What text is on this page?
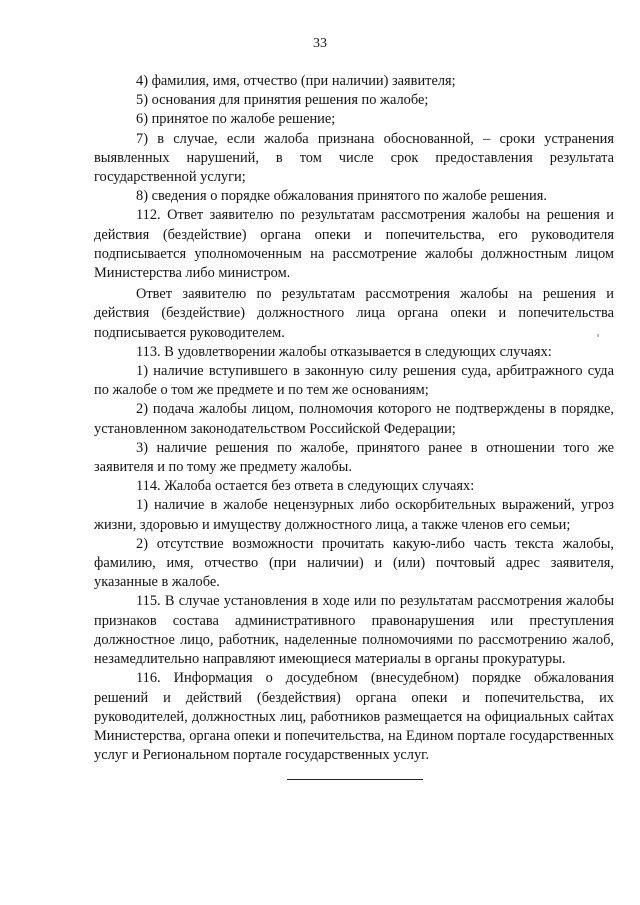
33

4) фамилия, имя, отчество (при наличии) заявителя;

5) основания для принятия решения по жалобе;

6) принятое по жалобе решение;

7) в случае, если жалоба признана обоснованной, – сроки устранения выявленных нарушений, в том числе срок предоставления результата государственной услуги;

8) сведения о порядке обжалования принятого по жалобе решения.

112. Ответ заявителю по результатам рассмотрения жалобы на решения и действия (бездействие) органа опеки и попечительства, его руководителя подписывается уполномоченным на рассмотрение жалобы должностным лицом Министерства либо министром.

Ответ заявителю по результатам рассмотрения жалобы на решения и действия (бездействие) должностного лица органа опеки и попечительства подписывается руководителем.

113. В удовлетворении жалобы отказывается в следующих случаях:

1) наличие вступившего в законную силу решения суда, арбитражного суда по жалобе о том же предмете и по тем же основаниям;

2) подача жалобы лицом, полномочия которого не подтверждены в порядке, установленном законодательством Российской Федерации;

3) наличие решения по жалобе, принятого ранее в отношении того же заявителя и по тому же предмету жалобы.

114. Жалоба остается без ответа в следующих случаях:

1) наличие в жалобе нецензурных либо оскорбительных выражений, угроз жизни, здоровью и имуществу должностного лица, а также членов его семьи;

2) отсутствие возможности прочитать какую-либо часть текста жалобы, фамилию, имя, отчество (при наличии) и (или) почтовый адрес заявителя, указанные в жалобе.

115. В случае установления в ходе или по результатам рассмотрения жалобы признаков состава административного правонарушения или преступления должностное лицо, работник, наделенные полномочиями по рассмотрению жалоб, незамедлительно направляют имеющиеся материалы в органы прокуратуры.

116. Информация о досудебном (внесудебном) порядке обжалования решений и действий (бездействия) органа опеки и попечительства, их руководителей, должностных лиц, работников размещается на официальных сайтах Министерства, органа опеки и попечительства, на Едином портале государственных услуг и Региональном портале государственных услуг.
